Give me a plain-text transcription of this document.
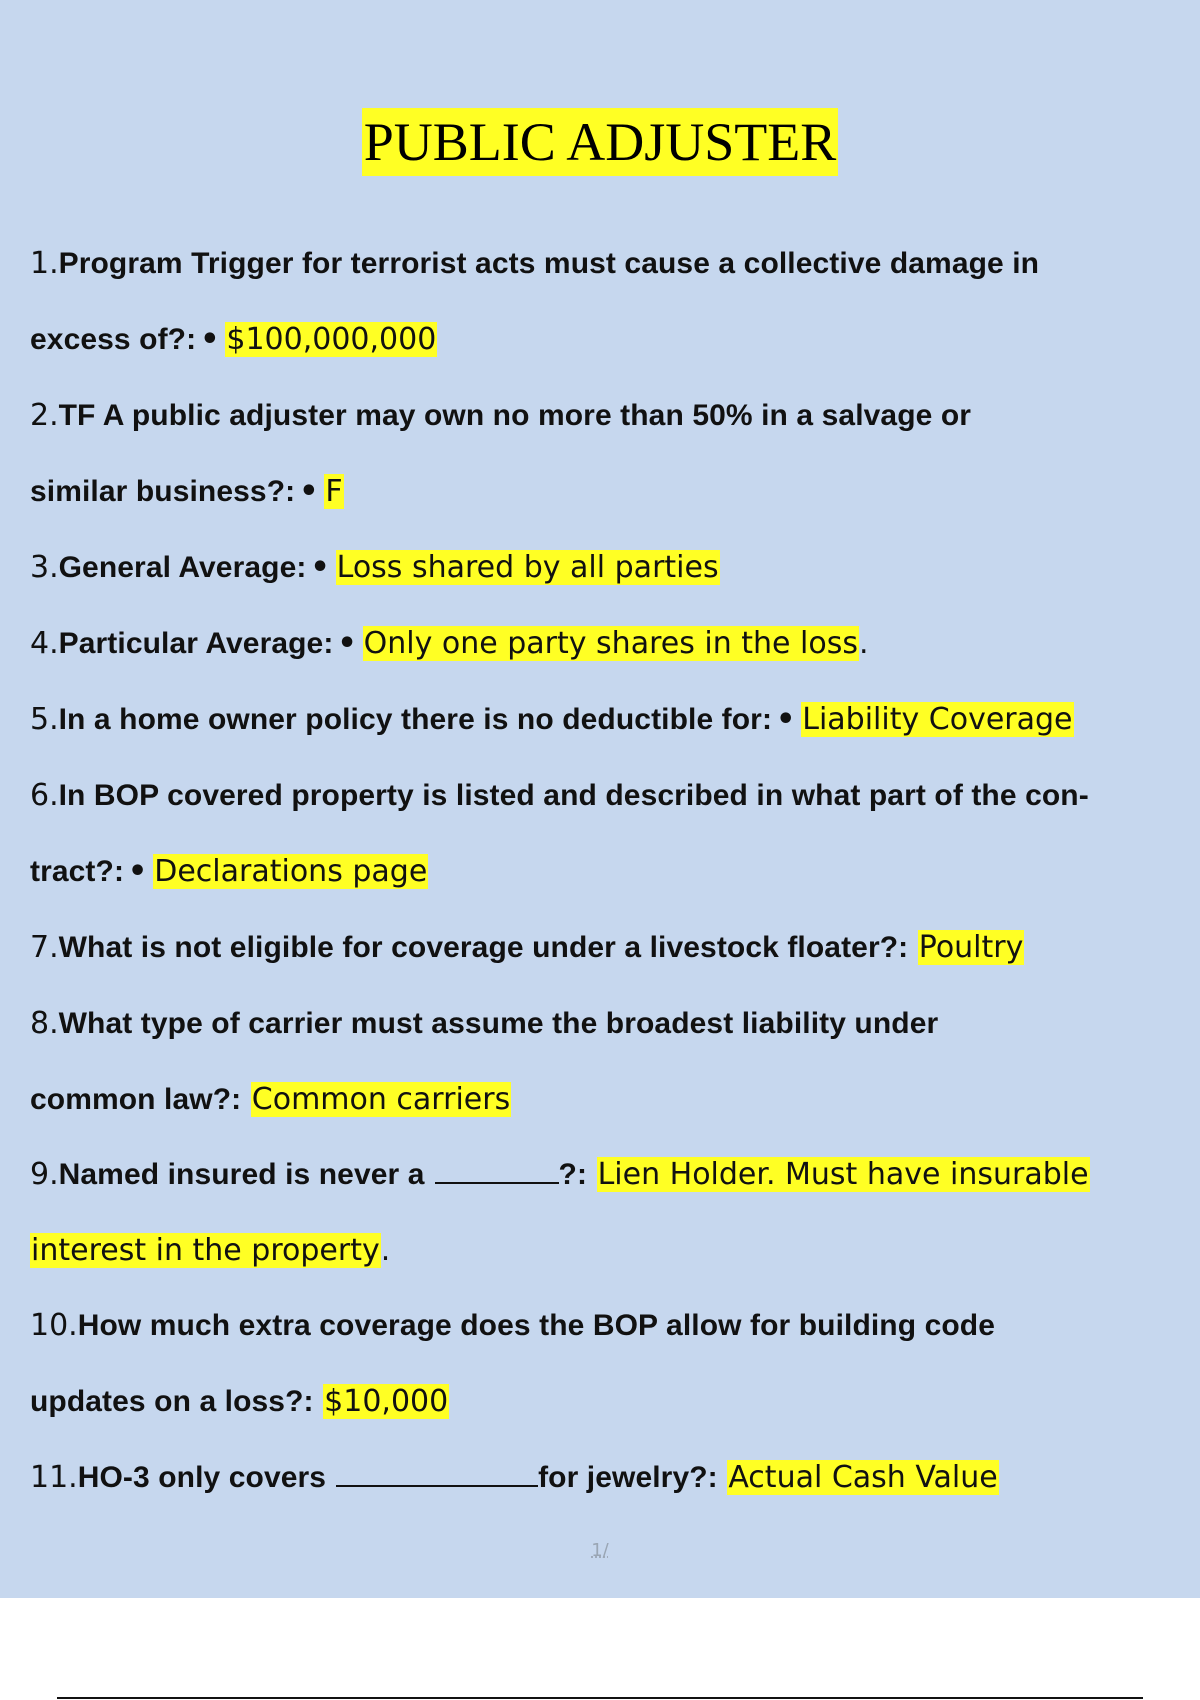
PUBLIC ADJUSTER
1.Program Trigger for terrorist acts must cause a collective damage in
excess of?: • $100,000,000
2.TF A public adjuster may own no more than 50% in a salvage or
similar business?: • F
3.General Average: • Loss shared by all parties
4.Particular Average: • Only one party shares in the loss.
5.In a home owner policy there is no deductible for: • Liability Coverage
6.In BOP covered property is listed and described in what part of the con-
tract?: • Declarations page
7.What is not eligible for coverage under a livestock floater?: Poultry
8.What type of carrier must assume the broadest liability under
common law?: Common carriers
9.Named insured is never a	?: Lien Holder. Must have insurable
interest in the property.
10.How much extra coverage does the BOP allow for building code
updates on a loss?: $10,000
11.HO-3 only covers	for jewelry?: Actual Cash Value
1/
